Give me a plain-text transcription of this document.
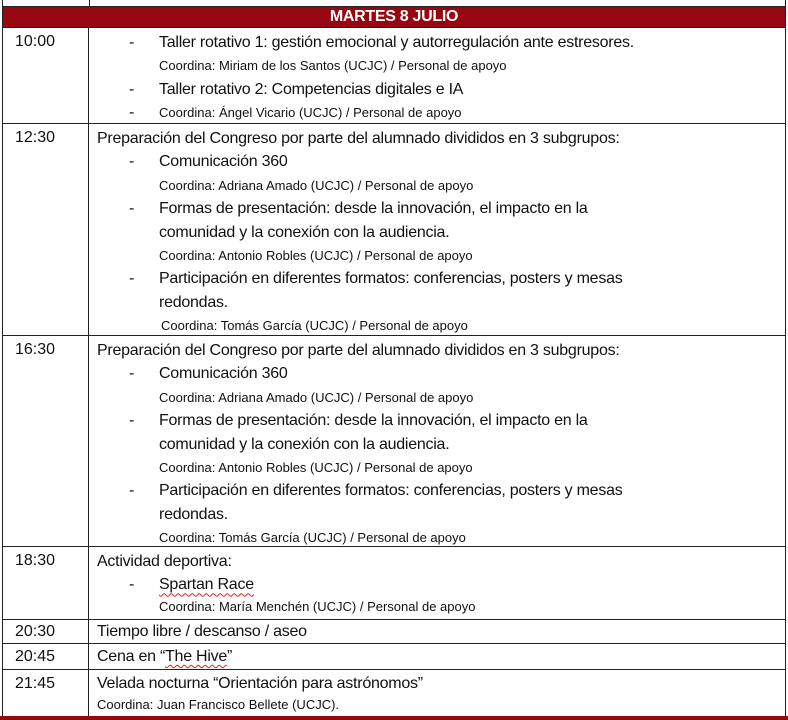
MARTES 8 JULIO
10:00	- Taller rotativo 1: gestión emocional y autorregulación ante estresores.
Coordina: Miriam de los Santos (UCJC) / Personal de apoyo
- Taller rotativo 2: Competencias digitales e IA
- Coordina: Ángel Vicario (UCJC) / Personal de apoyo
12:30	Preparación del Congreso por parte del alumnado divididos en 3 subgrupos:
- Comunicación 360
Coordina: Adriana Amado (UCJC) / Personal de apoyo
- Formas de presentación: desde la innovación, el impacto en la
comunidad y la conexión con la audiencia.
Coordina: Antonio Robles (UCJC) / Personal de apoyo
- Participación en diferentes formatos: conferencias, posters y mesas
redondas.
Coordina: Tomás García (UCJC) / Personal de apoyo
16:30	Preparación del Congreso por parte del alumnado divididos en 3 subgrupos:
- Comunicación 360
Coordina: Adriana Amado (UCJC) / Personal de apoyo
- Formas de presentación: desde la innovación, el impacto en la
comunidad y la conexión con la audiencia.
Coordina: Antonio Robles (UCJC) / Personal de apoyo
- Participación en diferentes formatos: conferencias, posters y mesas
redondas.
Coordina: Tomás García (UCJC) / Personal de apoyo
18:30	Actividad deportiva:
- Spartan Race
Coordina: María Menchén (UCJC) / Personal de apoyo
20:30	Tiempo libre / descanso / aseo
20:45	Cena en “The Hive”
21:45	Velada nocturna “Orientación para astrónomos”
Coordina: Juan Francisco Bellete (UCJC).
